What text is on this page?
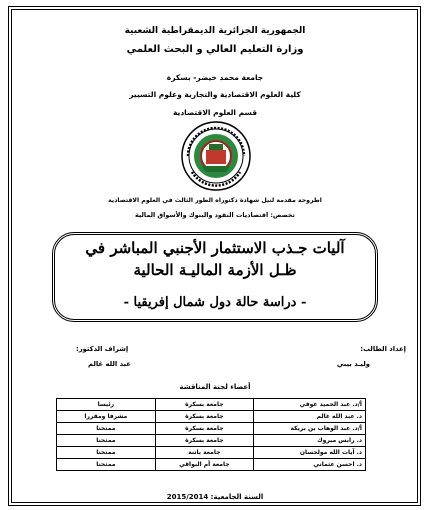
الجمهورية الجزائرية الديمقراطية الشعبية
وزارة التعليم العالي و البحث العلمي
جامعة محمد خيضر- بسكرة
كلية العلوم الاقتصادية والتجارية وعلوم التسيير
قسم العلوم الاقتصادية
اطروحة مقدمة لنيل شهادة دكتوراه الطور الثالث في العلوم الاقتصادية
تخصص: اقتصاديات النقود والبنوك والأسواق المالية
آليات جـذب الاستثمار الأجنبي المباشر في
ظـل الأزمة الماليـة الحالية
- دراسة حالة دول شمال إفريقيا -
إعداد الطالب:
وليـد بيبي
إشراف الدكتور:
عبد الله غالم
أعضاء لجنة المناقشة
أ/د. عبد الحميد غوفي	جامعة بسكرة	رئيسا
د. عبد الله غالم	جامعة بسكرة	مشرفا ومقررا
أ/د. عبد الوهاب بن بريكة	جامعة بسكرة	ممتحنا
د. رابس مبروك	جامعة بسكرة	ممتحنا
د. آيات الله مولحسان	جامعة باتنة	ممتحنا
د. احسن عثماني	جامعة أم البواقي	ممتحنا
السنة الجامعية: 2015/2014
